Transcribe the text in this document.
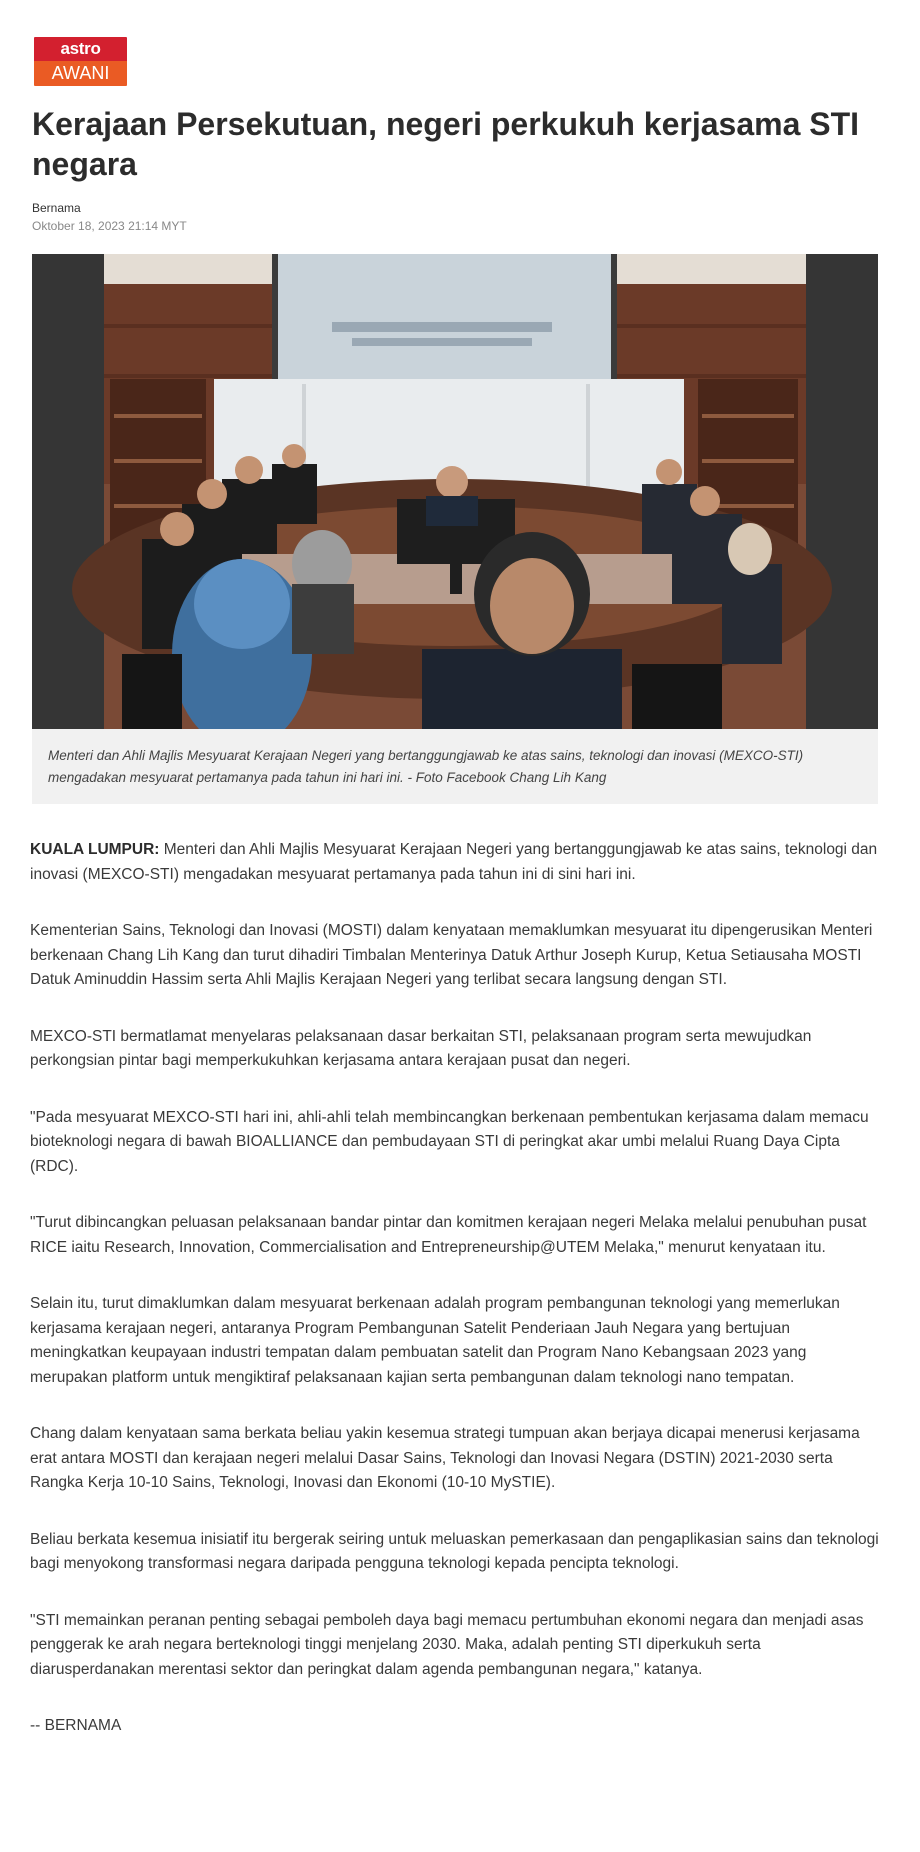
astro
AWANI
Kerajaan Persekutuan, negeri perkukuh kerjasama STI negara
Bernama
Oktober 18, 2023 21:14 MYT

Menteri dan Ahli Majlis Mesyuarat Kerajaan Negeri yang bertanggungjawab ke atas sains, teknologi dan inovasi (MEXCO-STI) mengadakan mesyuarat pertamanya pada tahun ini hari ini. - Foto Facebook Chang Lih Kang

KUALA LUMPUR: Menteri dan Ahli Majlis Mesyuarat Kerajaan Negeri yang bertanggungjawab ke atas sains, teknologi dan inovasi (MEXCO-STI) mengadakan mesyuarat pertamanya pada tahun ini di sini hari ini.

Kementerian Sains, Teknologi dan Inovasi (MOSTI) dalam kenyataan memaklumkan mesyuarat itu dipengerusikan Menteri berkenaan Chang Lih Kang dan turut dihadiri Timbalan Menterinya Datuk Arthur Joseph Kurup, Ketua Setiausaha MOSTI Datuk Aminuddin Hassim serta Ahli Majlis Kerajaan Negeri yang terlibat secara langsung dengan STI.

MEXCO-STI bermatlamat menyelaras pelaksanaan dasar berkaitan STI, pelaksanaan program serta mewujudkan perkongsian pintar bagi memperkukuhkan kerjasama antara kerajaan pusat dan negeri.

"Pada mesyuarat MEXCO-STI hari ini, ahli-ahli telah membincangkan berkenaan pembentukan kerjasama dalam memacu bioteknologi negara di bawah BIOALLIANCE dan pembudayaan STI di peringkat akar umbi melalui Ruang Daya Cipta (RDC).

"Turut dibincangkan peluasan pelaksanaan bandar pintar dan komitmen kerajaan negeri Melaka melalui penubuhan pusat RICE iaitu Research, Innovation, Commercialisation and Entrepreneurship@UTEM Melaka," menurut kenyataan itu.

Selain itu, turut dimaklumkan dalam mesyuarat berkenaan adalah program pembangunan teknologi yang memerlukan kerjasama kerajaan negeri, antaranya Program Pembangunan Satelit Penderiaan Jauh Negara yang bertujuan meningkatkan keupayaan industri tempatan dalam pembuatan satelit dan Program Nano Kebangsaan 2023 yang merupakan platform untuk mengiktiraf pelaksanaan kajian serta pembangunan dalam teknologi nano tempatan.

Chang dalam kenyataan sama berkata beliau yakin kesemua strategi tumpuan akan berjaya dicapai menerusi kerjasama erat antara MOSTI dan kerajaan negeri melalui Dasar Sains, Teknologi dan Inovasi Negara (DSTIN) 2021-2030 serta Rangka Kerja 10-10 Sains, Teknologi, Inovasi dan Ekonomi (10-10 MySTIE).

Beliau berkata kesemua inisiatif itu bergerak seiring untuk meluaskan pemerkasaan dan pengaplikasian sains dan teknologi bagi menyokong transformasi negara daripada pengguna teknologi kepada pencipta teknologi.

"STI memainkan peranan penting sebagai pemboleh daya bagi memacu pertumbuhan ekonomi negara dan menjadi asas penggerak ke arah negara berteknologi tinggi menjelang 2030. Maka, adalah penting STI diperkukuh serta diarusperdanakan merentasi sektor dan peringkat dalam agenda pembangunan negara," katanya.

-- BERNAMA
